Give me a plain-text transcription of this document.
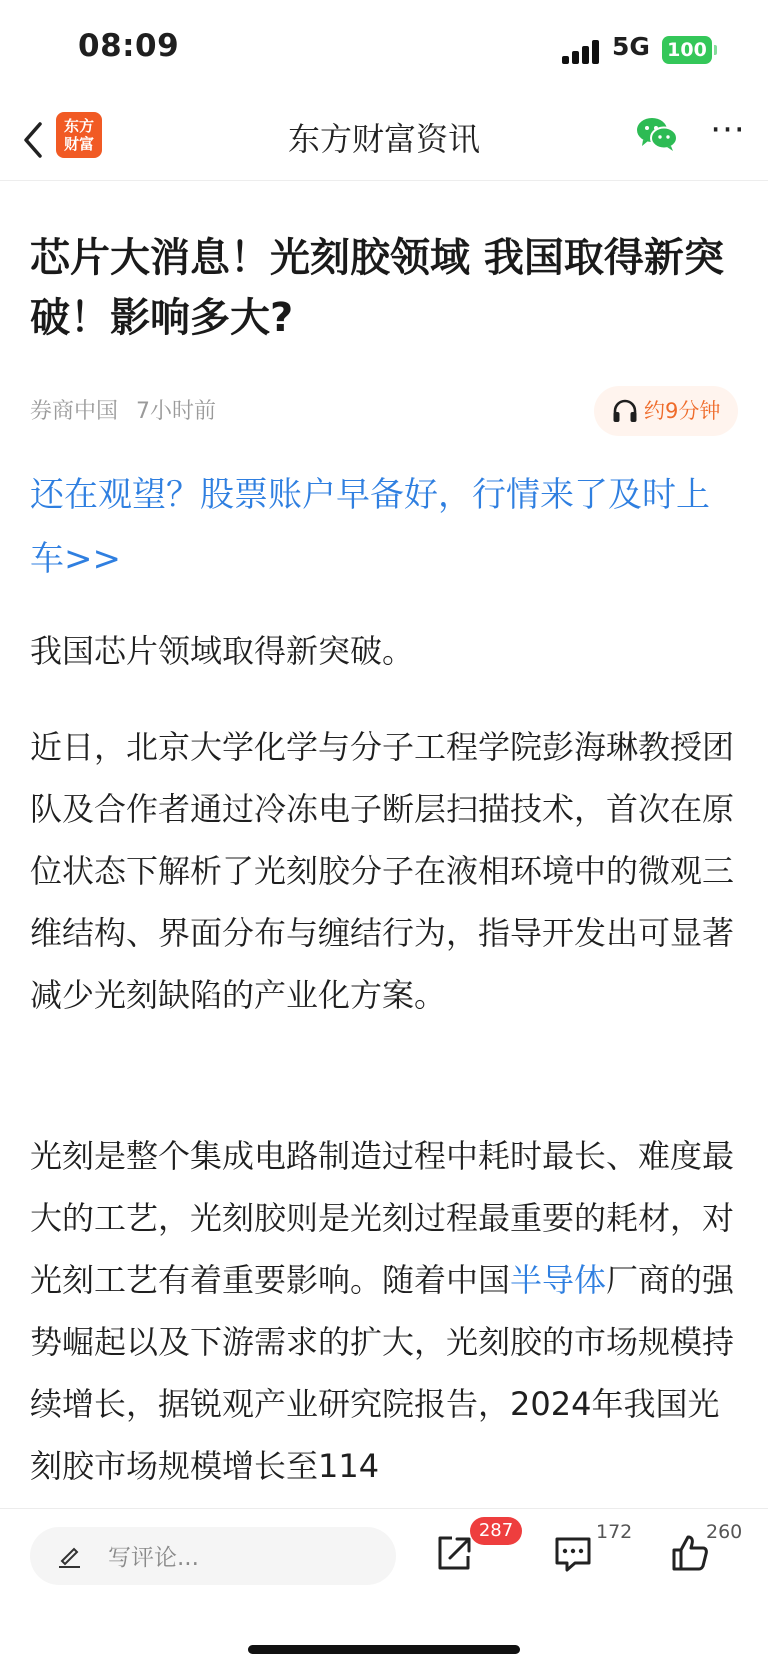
08:09	5G 100
东方
财富	东方财富资讯	···
芯片大消息！光刻胶领域 我国取得新突破！影响多大?
券商中国 7小时前	约9分钟
还在观望？股票账户早备好，行情来了及时上车>>

我国芯片领域取得新突破。

近日，北京大学化学与分子工程学院彭海琳教授团队及合作者通过冷冻电子断层扫描技术，首次在原位状态下解析了光刻胶分子在液相环境中的微观三维结构、界面分布与缠结行为，指导开发出可显著减少光刻缺陷的产业化方案。

光刻是整个集成电路制造过程中耗时最长、难度最大的工艺，光刻胶则是光刻过程最重要的耗材，对光刻工艺有着重要影响。随着中国半导体厂商的强势崛起以及下游需求的扩大，光刻胶的市场规模持续增长，据锐观产业研究院报告，2024年我国光刻胶市场规模增长至114

写评论...
287	172	260
